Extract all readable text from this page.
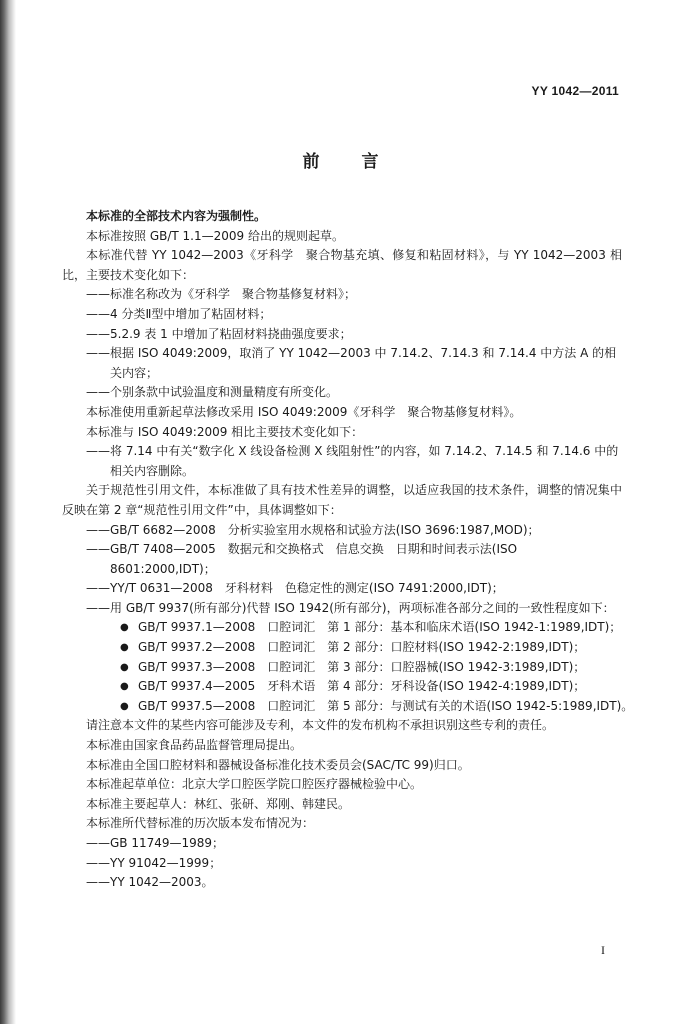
YY 1042—2011
前 言

本标准的全部技术内容为强制性。

本标准按照 GB/T 1.1—2009 给出的规则起草。

本标准代替 YY 1042—2003《牙科学　聚合物基充填、修复和粘固材料》，与 YY 1042—2003 相比，主要技术变化如下：

——标准名称改为《牙科学　聚合物基修复材料》；

——4 分类Ⅱ型中增加了粘固材料；

——5.2.9 表 1 中增加了粘固材料挠曲强度要求；

——根据 ISO 4049:2009，取消了 YY 1042—2003 中 7.14.2、7.14.3 和 7.14.4 中方法 A 的相关内容；

——个别条款中试验温度和测量精度有所变化。

本标准使用重新起草法修改采用 ISO 4049:2009《牙科学　聚合物基修复材料》。

本标准与 ISO 4049:2009 相比主要技术变化如下：

——将 7.14 中有关“数字化 X 线设备检测 X 线阻射性”的内容，如 7.14.2、7.14.5 和 7.14.6 中的相关内容删除。

关于规范性引用文件，本标准做了具有技术性差异的调整，以适应我国的技术条件，调整的情况集中反映在第 2 章“规范性引用文件”中，具体调整如下：

——GB/T 6682—2008　分析实验室用水规格和试验方法(ISO 3696:1987,MOD)；

——GB/T 7408—2005　数据元和交换格式　信息交换　日期和时间表示法(ISO 8601:2000,IDT)；

——YY/T 0631—2008　牙科材料　色稳定性的测定(ISO 7491:2000,IDT)；

——用 GB/T 9937(所有部分)代替 ISO 1942(所有部分)，两项标准各部分之间的一致性程度如下：

● GB/T 9937.1—2008　口腔词汇　第 1 部分：基本和临床术语(ISO 1942-1:1989,IDT)；
● GB/T 9937.2—2008　口腔词汇　第 2 部分：口腔材料(ISO 1942-2:1989,IDT)；
● GB/T 9937.3—2008　口腔词汇　第 3 部分：口腔器械(ISO 1942-3:1989,IDT)；
● GB/T 9937.4—2005　牙科术语　第 4 部分：牙科设备(ISO 1942-4:1989,IDT)；
● GB/T 9937.5—2008　口腔词汇　第 5 部分：与测试有关的术语(ISO 1942-5:1989,IDT)。

请注意本文件的某些内容可能涉及专利，本文件的发布机构不承担识别这些专利的责任。

本标准由国家食品药品监督管理局提出。

本标准由全国口腔材料和器械设备标准化技术委员会(SAC/TC 99)归口。

本标准起草单位：北京大学口腔医学院口腔医疗器械检验中心。

本标准主要起草人：林红、张研、郑刚、韩建民。

本标准所代替标准的历次版本发布情况为：

——GB 11749—1989；

——YY 91042—1999；

——YY 1042—2003。

I
